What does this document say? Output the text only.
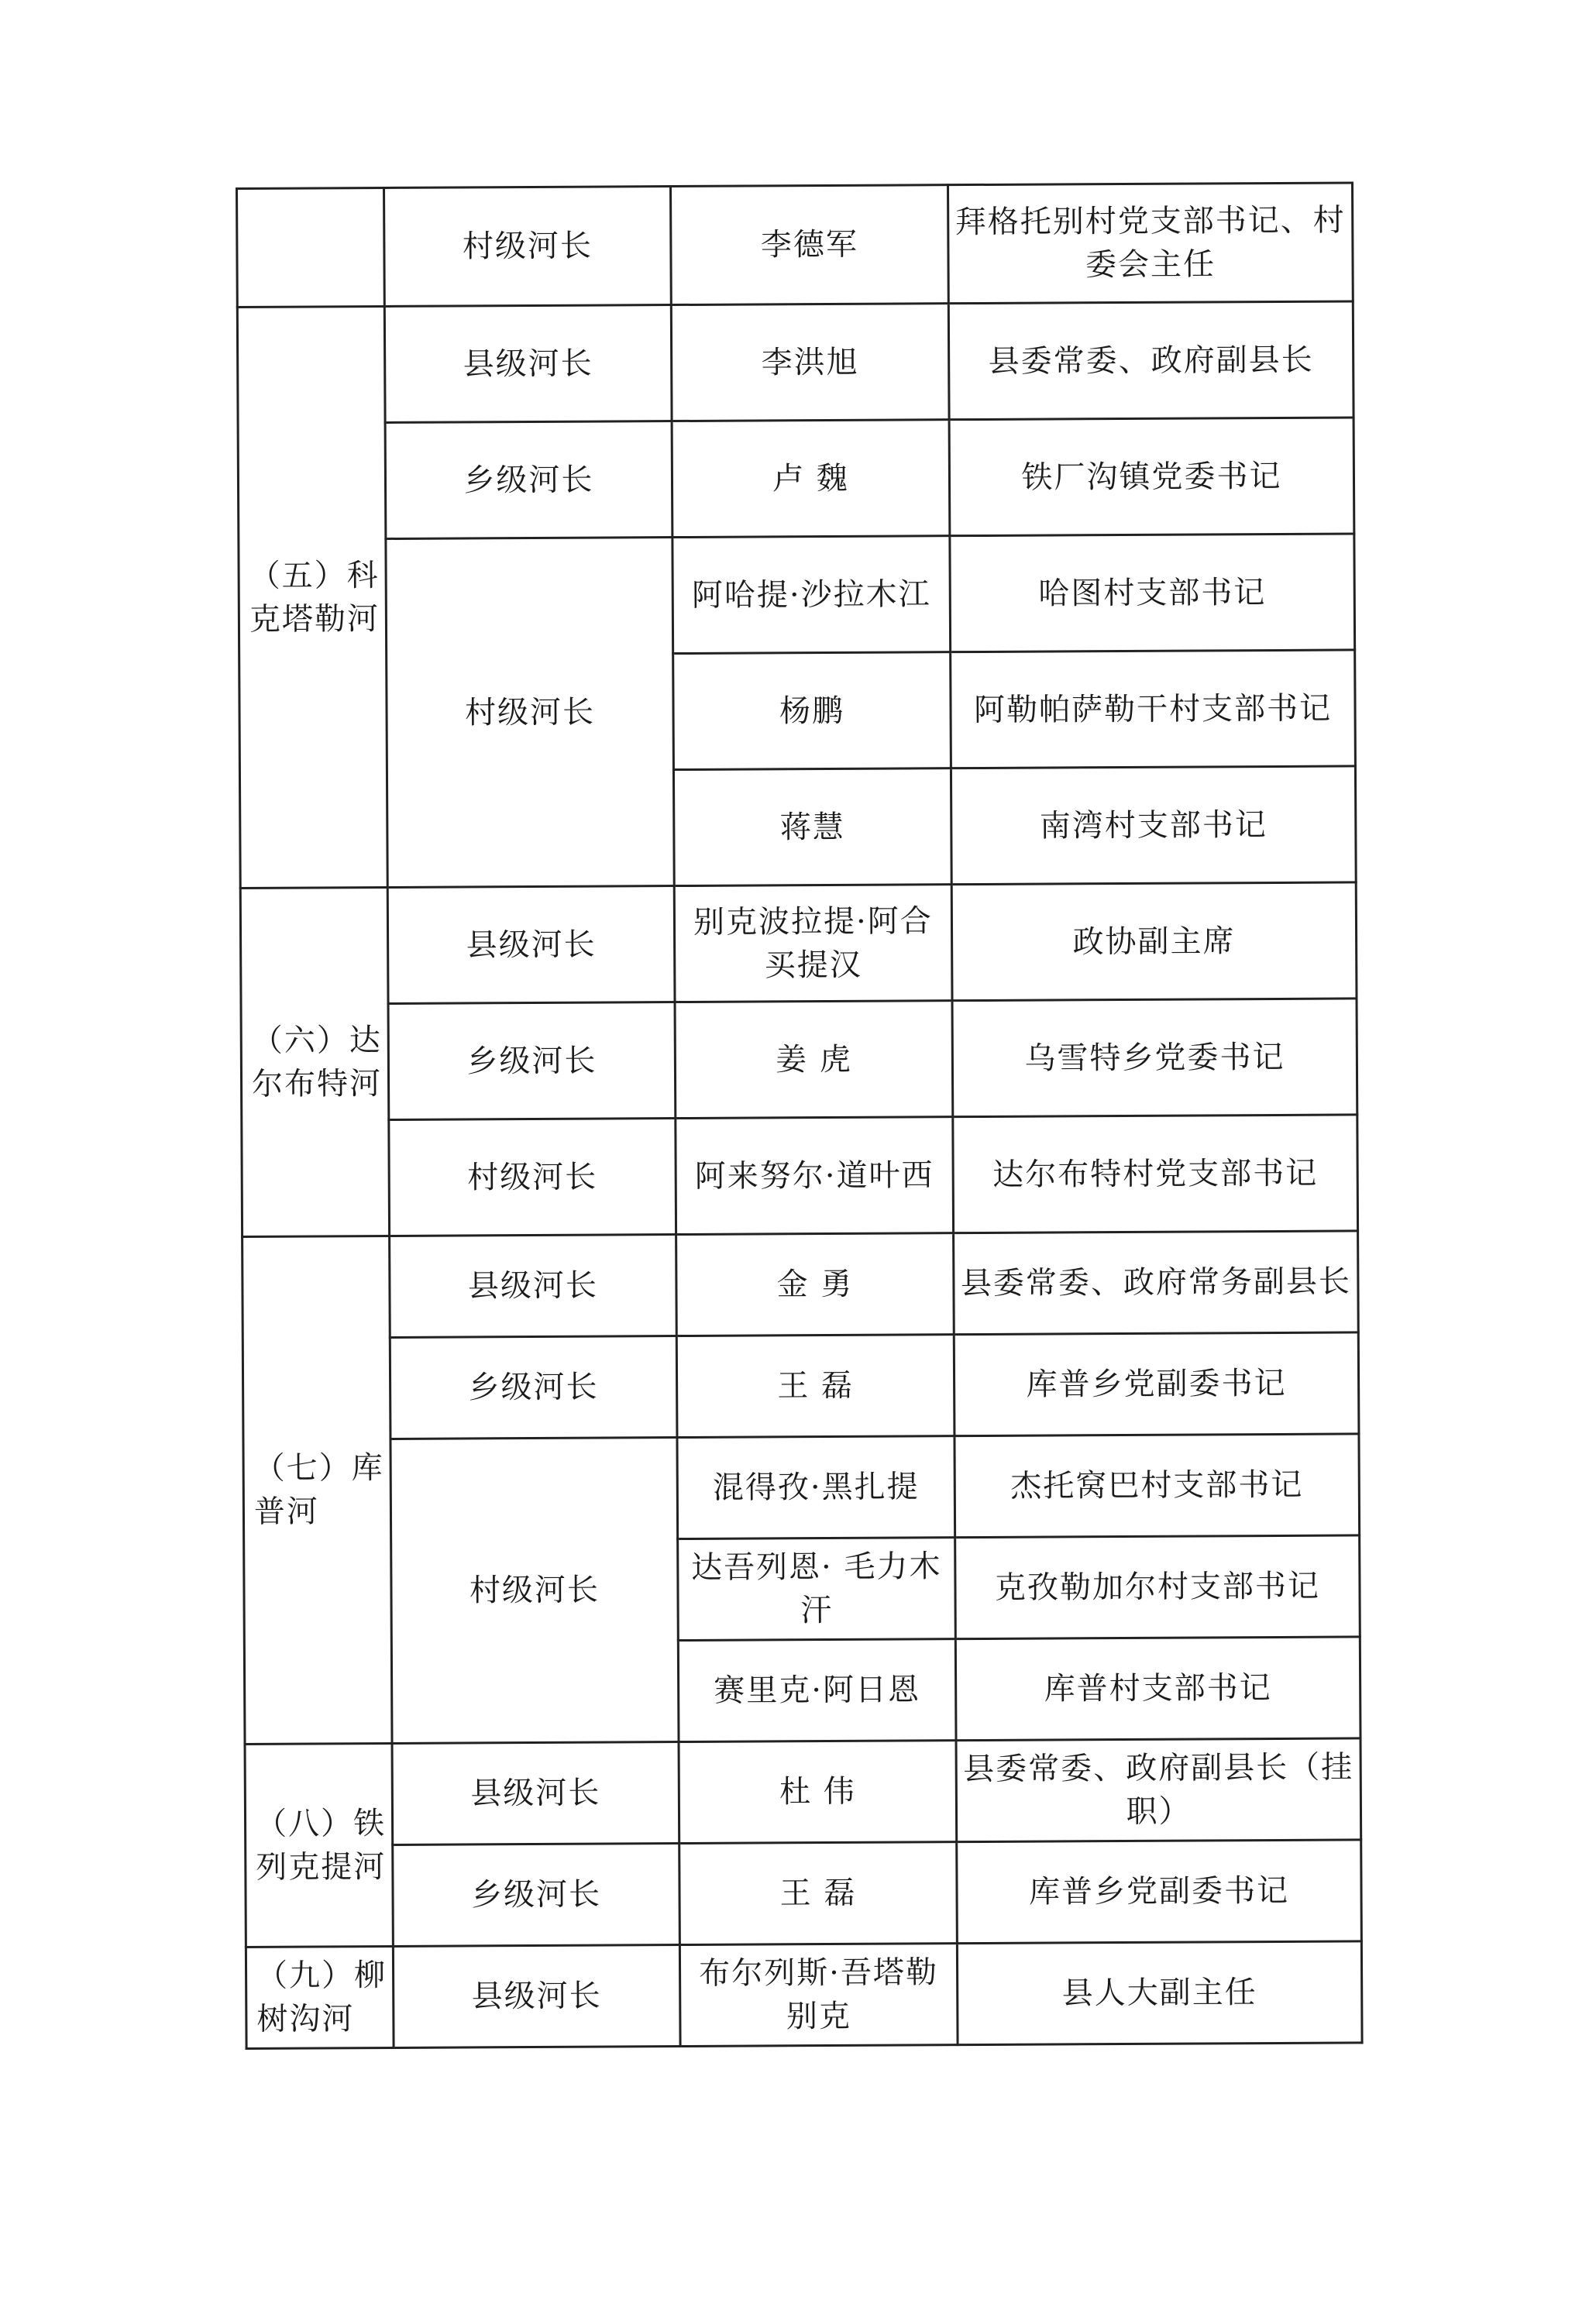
	村级河长	李德军	拜格托别村党支部书记、村委会主任
（五）科克塔勒河	县级河长	李洪旭	县委常委、政府副县长
	乡级河长	卢 魏	铁厂沟镇党委书记
	村级河长	阿哈提·沙拉木江	哈图村支部书记
		杨鹏	阿勒帕萨勒干村支部书记
		蒋慧	南湾村支部书记
（六）达尔布特河	县级河长	别克波拉提·阿合买提汉	政协副主席
	乡级河长	姜 虎	乌雪特乡党委书记
	村级河长	阿来努尔·道叶西	达尔布特村党支部书记
（七）库普河	县级河长	金 勇	县委常委、政府常务副县长
	乡级河长	王 磊	库普乡党副委书记
	村级河长	混得孜·黑扎提	杰托窝巴村支部书记
		达吾列恩· 毛力木汗	克孜勒加尔村支部书记
		赛里克·阿日恩	库普村支部书记
（八）铁列克提河	县级河长	杜 伟	县委常委、政府副县长（挂职）
	乡级河长	王 磊	库普乡党副委书记
（九）柳树沟河	县级河长	布尔列斯·吾塔勒别克	县人大副主任
